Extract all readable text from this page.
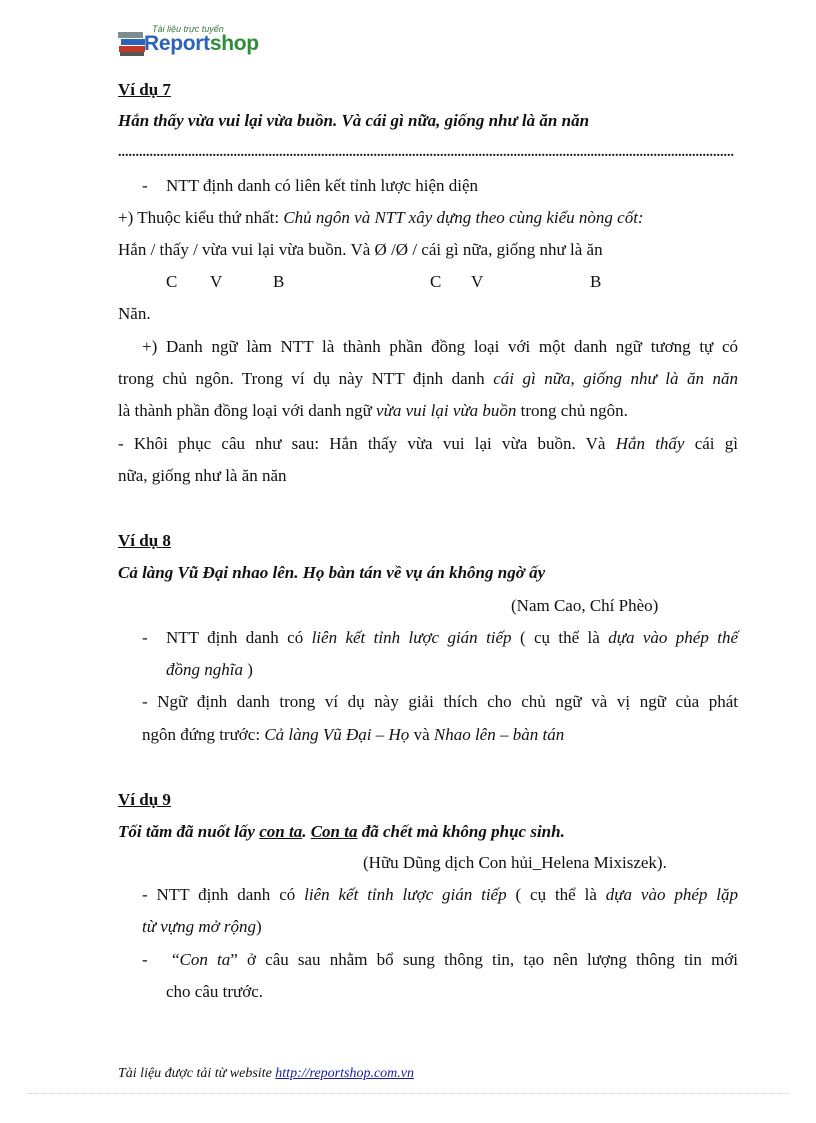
Tài liệu trực tuyến
Reportshop
Ví dụ 7
Hắn thấy vừa vui lại vừa buồn. Và cái gì nữa, giống như là ăn năn
................................................................................................................................................................................
- NTT định danh có liên kết tỉnh lược hiện diện
+) Thuộc kiểu thứ nhất: Chủ ngôn và NTT xây dựng theo cùng kiểu nòng cốt:
Hắn / thấy / vừa vui lại vừa buồn. Và Ø /Ø / cái gì nữa, giống như là ăn
C V	B	C V	B
Năn.
+) Danh ngữ làm NTT là thành phần đồng loại với một danh ngữ tương tự có
trong chủ ngôn. Trong ví dụ này NTT định danh cái gì nữa, giống như là ăn năn
là thành phần đồng loại với danh ngữ vừa vui lại vừa buồn trong chủ ngôn.
- Khôi phục câu như sau: Hắn thấy vừa vui lại vừa buồn. Và Hắn thấy cái gì
nữa, giống như là ăn năn
Ví dụ 8
Cả làng Vũ Đại nhao lên. Họ bàn tán về vụ án không ngờ ấy
(Nam Cao, Chí Phèo)
- NTT định danh có liên kết tỉnh lược gián tiếp ( cụ thể là dựa vào phép thế
đồng nghĩa )
- Ngữ định danh trong ví dụ này giải thích cho chủ ngữ và vị ngữ của phát
ngôn đứng trước: Cả làng Vũ Đại – Họ và Nhao lên – bàn tán
Ví dụ 9
Tối tăm đã nuốt lấy con ta. Con ta đã chết mà không phục sinh.
(Hữu Dũng dịch Con hủi_Helena Mixiszek).
- NTT định danh có liên kết tỉnh lược gián tiếp ( cụ thể là dựa vào phép lặp
từ vựng mở rộng)
- “Con ta” ở câu sau nhằm bổ sung thông tin, tạo nên lượng thông tin mới
cho câu trước.
Tài liệu được tải từ website http://reportshop.com.vn
